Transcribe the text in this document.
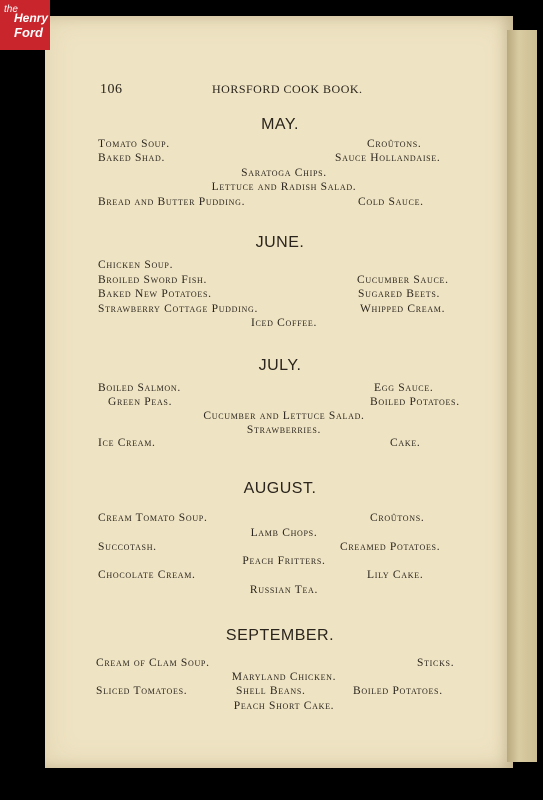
the
Henry
Ford
106	HORSFORD COOK BOOK.
MAY.
Tomato Soup.	Croûtons.
Baked Shad.	Sauce Hollandaise.
Saratoga Chips.
Lettuce and Radish Salad.
Bread and Butter Pudding.	Cold Sauce.
JUNE.
Chicken Soup.
Broiled Sword Fish.	Cucumber Sauce.
Baked New Potatoes.	Sugared Beets.
Strawberry Cottage Pudding.	Whipped Cream.
Iced Coffee.
JULY.
Boiled Salmon.	Egg Sauce.
Green Peas.	Boiled Potatoes.
Cucumber and Lettuce Salad.
Strawberries.
Ice Cream.	Cake.
AUGUST.
Cream Tomato Soup.	Croûtons.
Lamb Chops.
Succotash.	Creamed Potatoes.
Peach Fritters.
Chocolate Cream.	Lily Cake.
Russian Tea.
SEPTEMBER.
Cream of Clam Soup.	Sticks.
Maryland Chicken.
Sliced Tomatoes.	Shell Beans.	Boiled Potatoes.
Peach Short Cake.
